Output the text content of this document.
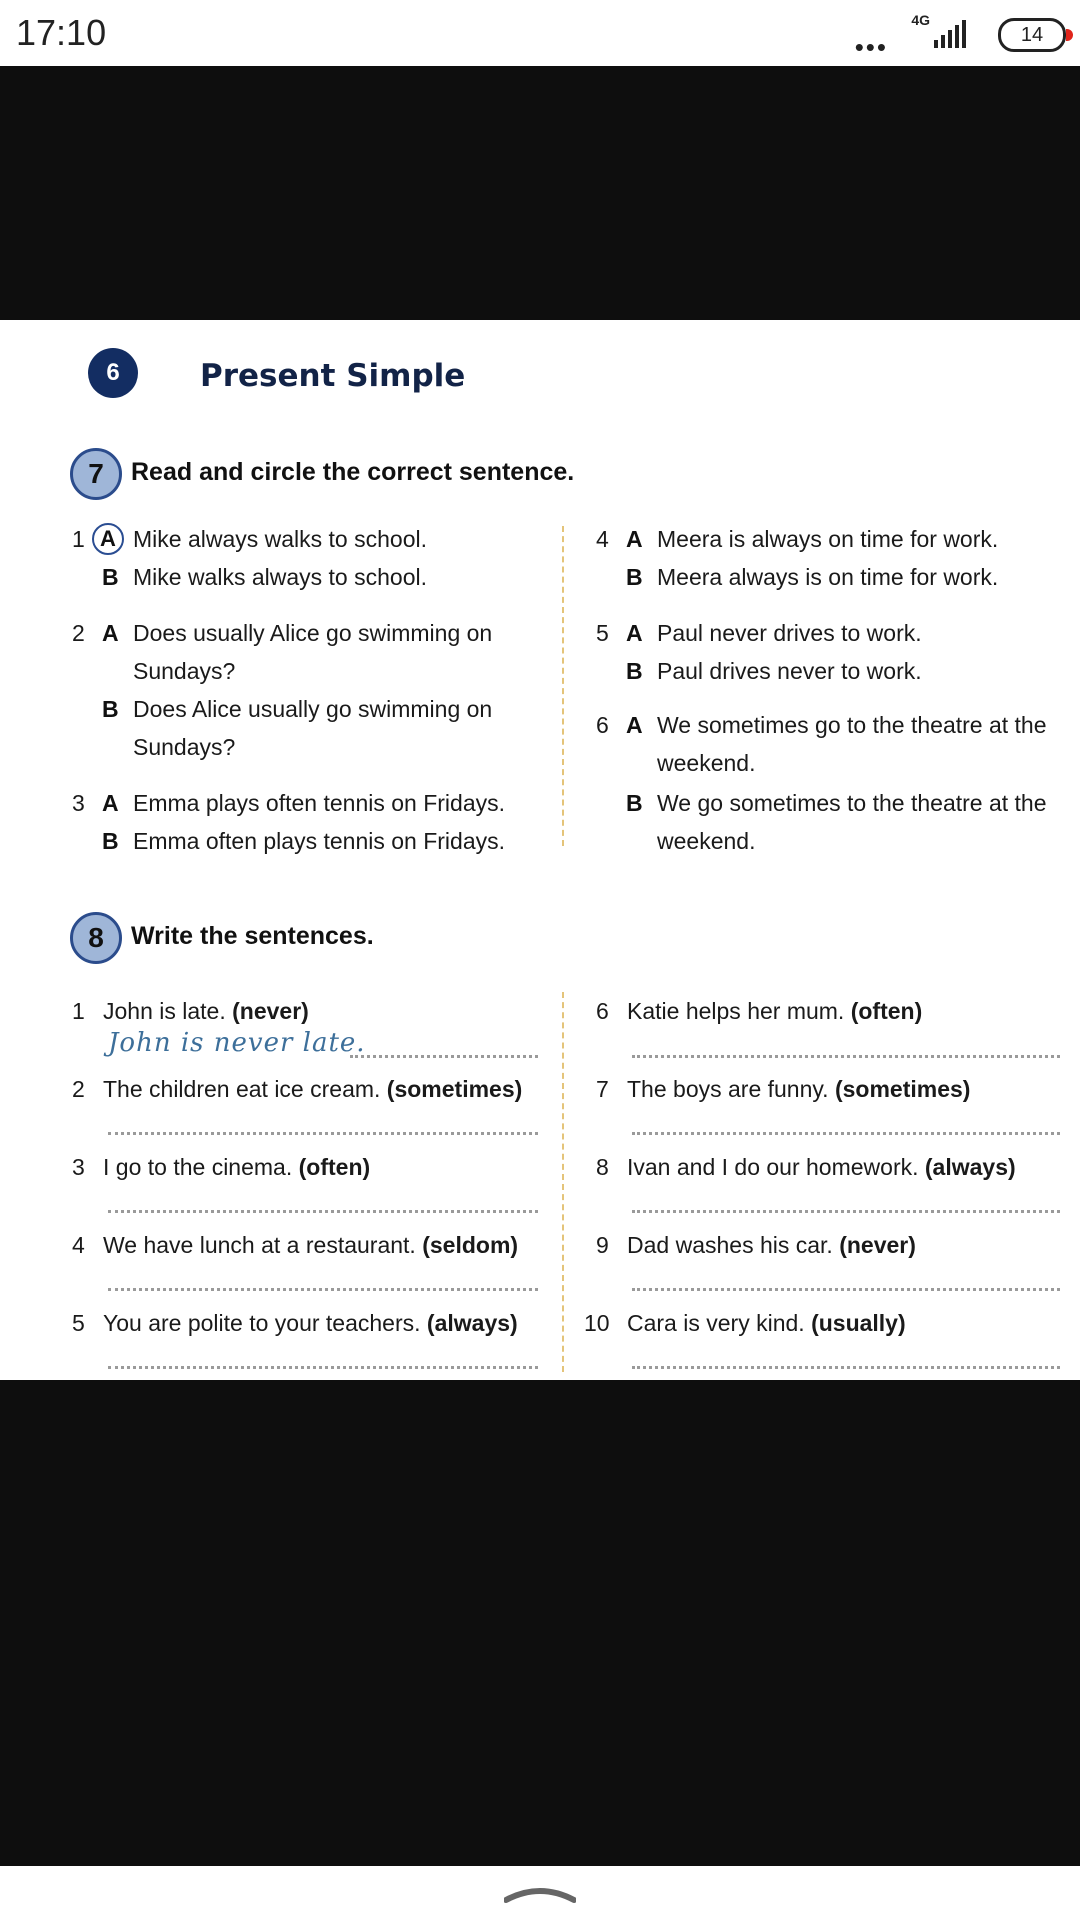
17:10	•••
4G
14
6	Present Simple
7	Read and circle the correct sentence.
1 A Mike always walks to school.
B Mike walks always to school.
2 A Does usually Alice go swimming on
Sundays?
B Does Alice usually go swimming on
Sundays?
3 A Emma plays often tennis on Fridays.
B Emma often plays tennis on Fridays.
4 A Meera is always on time for work.
B Meera always is on time for work.
5 A Paul never drives to work.
B Paul drives never to work.
6 A We sometimes go to the theatre at the
weekend.
B We go sometimes to the theatre at the
weekend.
8	Write the sentences.
1 John is late. (never)
John is never late.
2 The children eat ice cream. (sometimes)
3 I go to the cinema. (often)
4 We have lunch at a restaurant. (seldom)
5 You are polite to your teachers. (always)
6 Katie helps her mum. (often)
7 The boys are funny. (sometimes)
8 Ivan and I do our homework. (always)
9 Dad washes his car. (never)
10 Cara is very kind. (usually)
